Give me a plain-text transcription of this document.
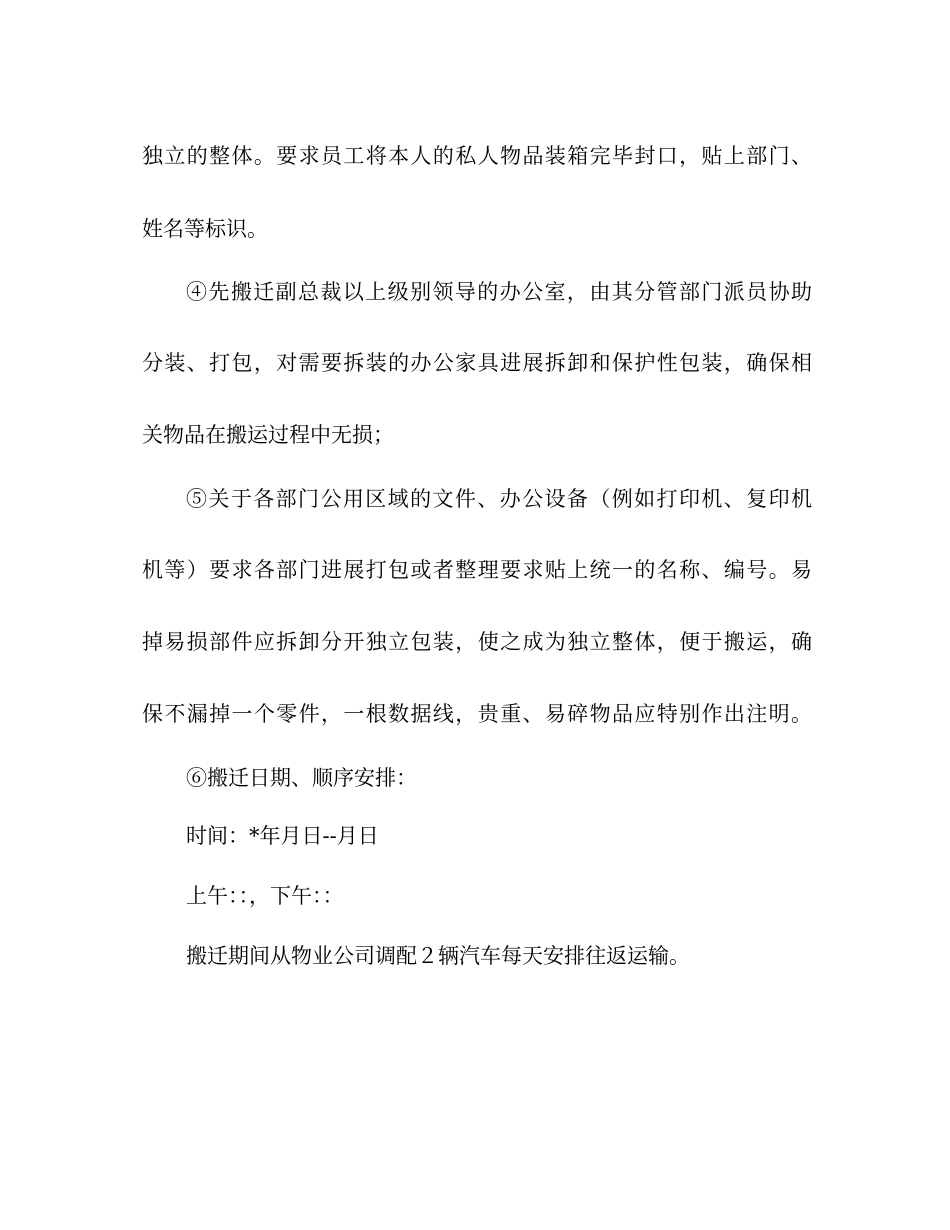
独立的整体。要求员工将本人的私人物品装箱完毕封口，贴上部门、
姓名等标识。
④先搬迁副总裁以上级别领导的办公室，由其分管部门派员协助
分装、打包，对需要拆装的办公家具进展拆卸和保护性包装，确保相
关物品在搬运过程中无损；
⑤关于各部门公用区域的文件、办公设备（例如打印机、复印机
机等）要求各部门进展打包或者整理要求贴上统一的名称、编号。易
掉易损部件应拆卸分开独立包装，使之成为独立整体，便于搬运，确
保不漏掉一个零件，一根数据线，贵重、易碎物品应特别作出注明。
⑥搬迁日期、顺序安排：
时间：*年月日--月日
上午：：，下午：：
搬迁期间从物业公司调配２辆汽车每天安排往返运输。
